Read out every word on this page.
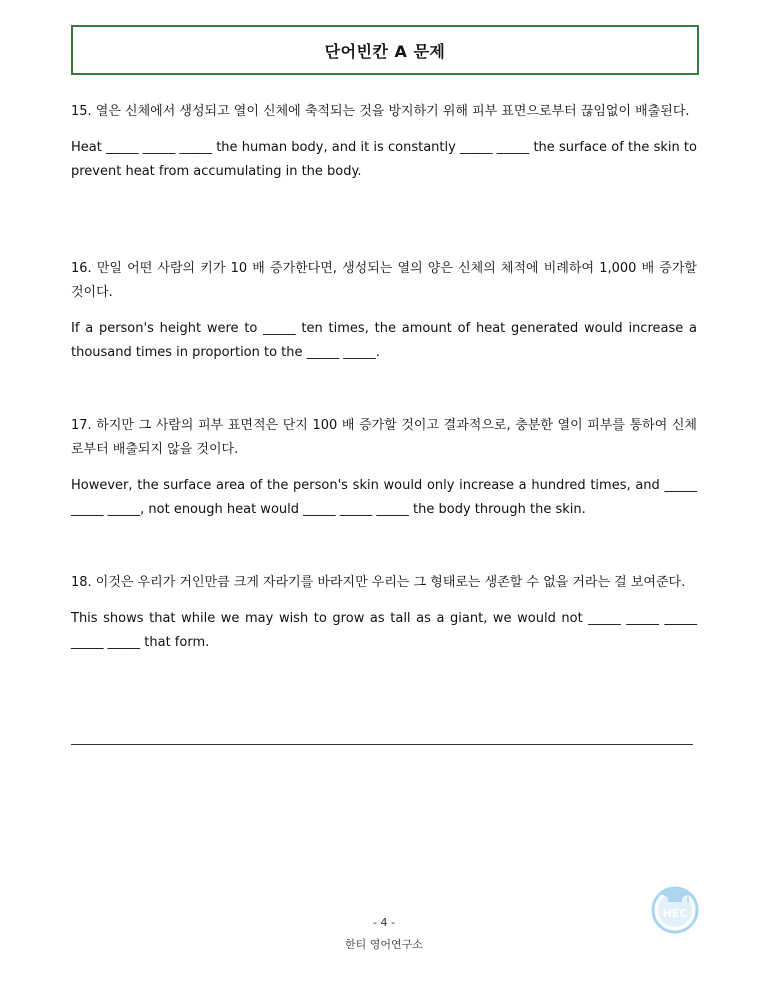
단어빈칸 A 문제

15. 열은 신체에서 생성되고 열이 신체에 축적되는 것을 방지하기 위해 피부 표면으로부터 끊임없이 배출된다.

Heat _____ _____ _____ the human body, and it is constantly _____ _____ the surface of the skin to prevent heat from accumulating in the body.

16. 만일 어떤 사람의 키가 10 배 증가한다면, 생성되는 열의 양은 신체의 체적에 비례하여 1,000 배 증가할 것이다.

If a person's height were to _____ ten times, the amount of heat generated would increase a thousand times in proportion to the _____ _____.

17. 하지만 그 사람의 피부 표면적은 단지 100 배 증가할 것이고 결과적으로, 충분한 열이 피부를 통하여 신체로부터 배출되지 않을 것이다.

However, the surface area of the person's skin would only increase a hundred times, and _____ _____ _____, not enough heat would _____ _____ _____ the body through the skin.

18. 이것은 우리가 거인만큼 크게 자라기를 바라지만 우리는 그 형태로는 생존할 수 없을 거라는 걸 보여준다.

This shows that while we may wish to grow as tall as a giant, we would not _____ _____ _____ _____ _____ that form.

- 4 -
한티 영어연구소
HEC
